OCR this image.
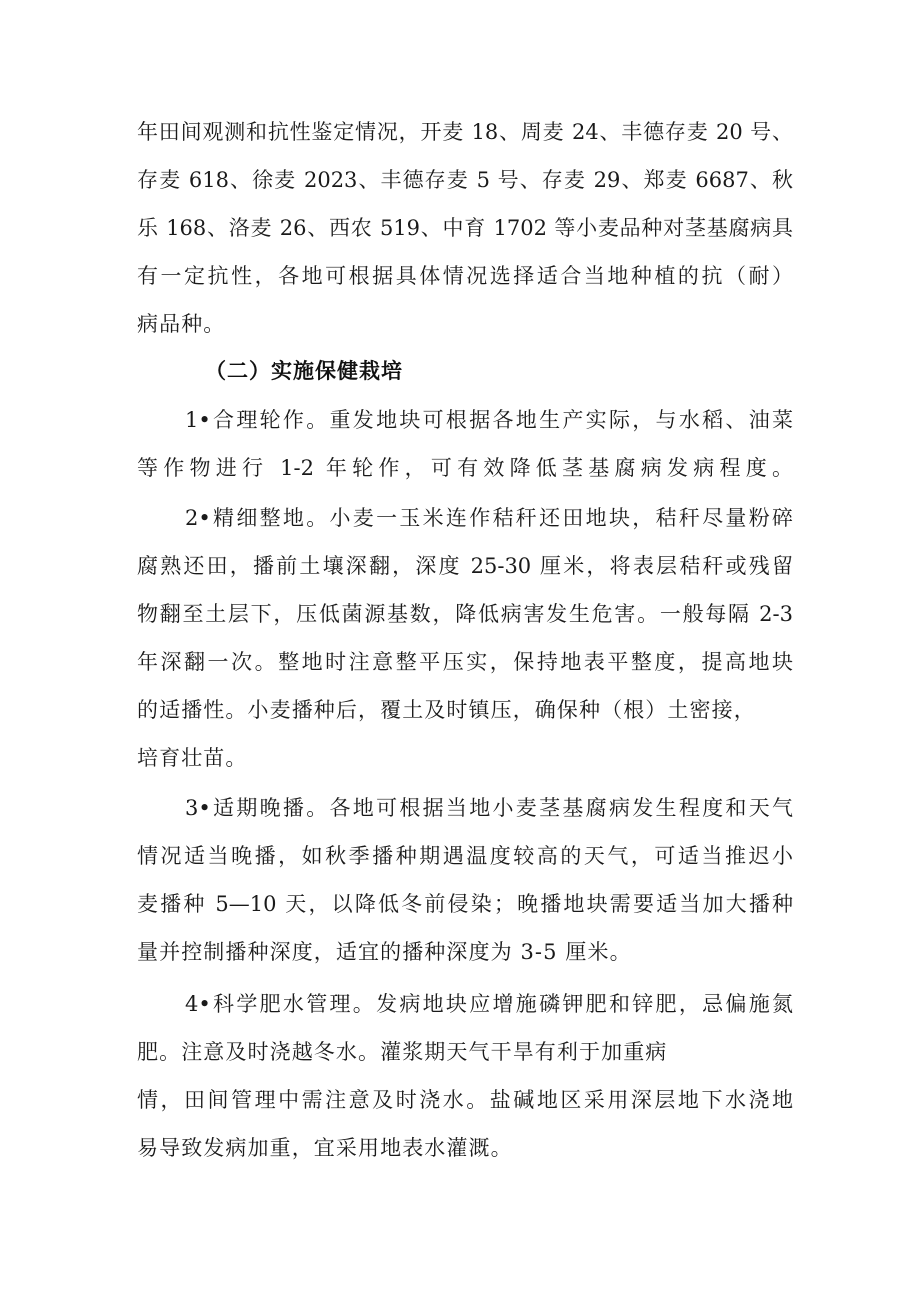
年田间观测和抗性鉴定情况，开麦 18、周麦 24、丰德存麦 20 号、
存麦 618、徐麦 2023、丰德存麦 5 号、存麦 29、郑麦 6687、秋
乐 168、洛麦 26、西农 519、中育 1702 等小麦品种对茎基腐病具
有一定抗性，各地可根据具体情况选择适合当地种植的抗（耐）
病品种。
（二）实施保健栽培
1•合理轮作。重发地块可根据各地生产实际，与水稻、油菜
等作物进行 1-2 年轮作，可有效降低茎基腐病发病程度。
2•精细整地。小麦一玉米连作秸秆还田地块，秸秆尽量粉碎
腐熟还田，播前土壤深翻，深度 25-30 厘米，将表层秸秆或残留
物翻至土层下，压低菌源基数，降低病害发生危害。一般每隔 2-3
年深翻一次。整地时注意整平压实，保持地表平整度，提高地块
的适播性。小麦播种后，覆土及时镇压，确保种（根）土密接，
培育壮苗。
3•适期晚播。各地可根据当地小麦茎基腐病发生程度和天气
情况适当晚播，如秋季播种期遇温度较高的天气，可适当推迟小
麦播种 5—10 天，以降低冬前侵染；晚播地块需要适当加大播种
量并控制播种深度，适宜的播种深度为 3-5 厘米。
4•科学肥水管理。发病地块应增施磷钾肥和锌肥，忌偏施氮
肥。注意及时浇越冬水。灌浆期天气干旱有利于加重病
情，田间管理中需注意及时浇水。盐碱地区采用深层地下水浇地
易导致发病加重，宜采用地表水灌溉。
